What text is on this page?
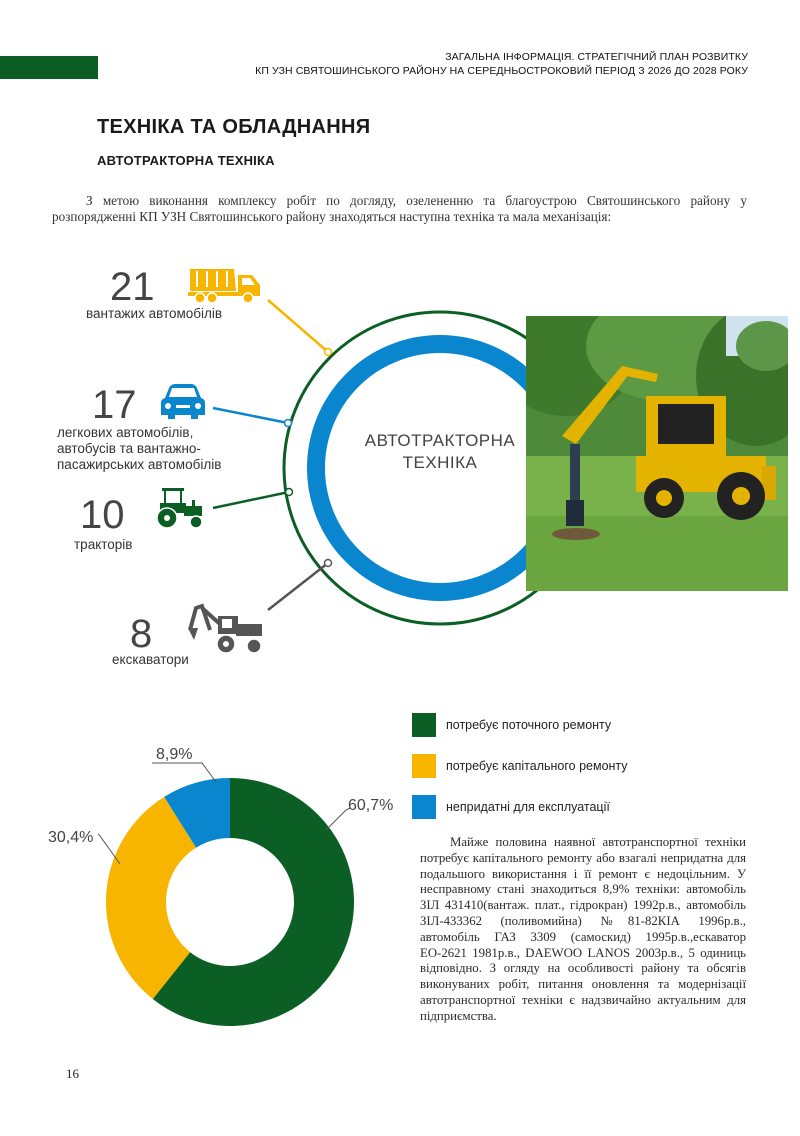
ЗАГАЛЬНА ІНФОРМАЦІЯ. СТРАТЕГІЧНИЙ ПЛАН РОЗВИТКУ
КП УЗН СВЯТОШИНСЬКОГО РАЙОНУ НА СЕРЕДНЬОСТРОКОВИЙ ПЕРІОД З 2026 ДО 2028 РОКУ
ТЕХНІКА ТА ОБЛАДНАННЯ
АВТОТРАКТОРНА ТЕХНІКА
З метою виконання комплексу робіт по догляду, озелененню та благоустрою Святошинського району у розпорядженні КП УЗН Святошинського району знаходяться наступна техніка та мала механізація:
АВТОТРАКТОРНА
ТЕХНІКА
21
вантажих автомобілів
17
легкових автомобілів,
автобусів та вантажно-
пасажирських автомобілів
10
тракторів
8
екскаватори
потребує поточного ремонту
потребує капітального ремонту
непридатні для експлуатації
60,7%
30,4%
8,9%
Майже половина наявної автотранспортної техніки потребує капітального ремонту або взагалі непридатна для подальшого використання і її ремонт є недоцільним. У несправному стані знаходиться 8,9% техніки: автомобіль ЗІЛ 431410(вантаж. плат., гідрокран) 1992р.в., автомобіль ЗІЛ-433362 (поливомийна) №81-82КІА 1996р.в., автомобіль ГАЗ 3309 (самоскид) 1995р.в.,ескаватор ЕО-2621 1981р.в., DAEWOO LANOS 2003р.в., 5 одиниць відповідно. З огляду на особливості району та обсягів виконуваних робіт, питання оновлення та модернізації автотранспортної техніки є надзвичайно актуальним для підприємства.
16
